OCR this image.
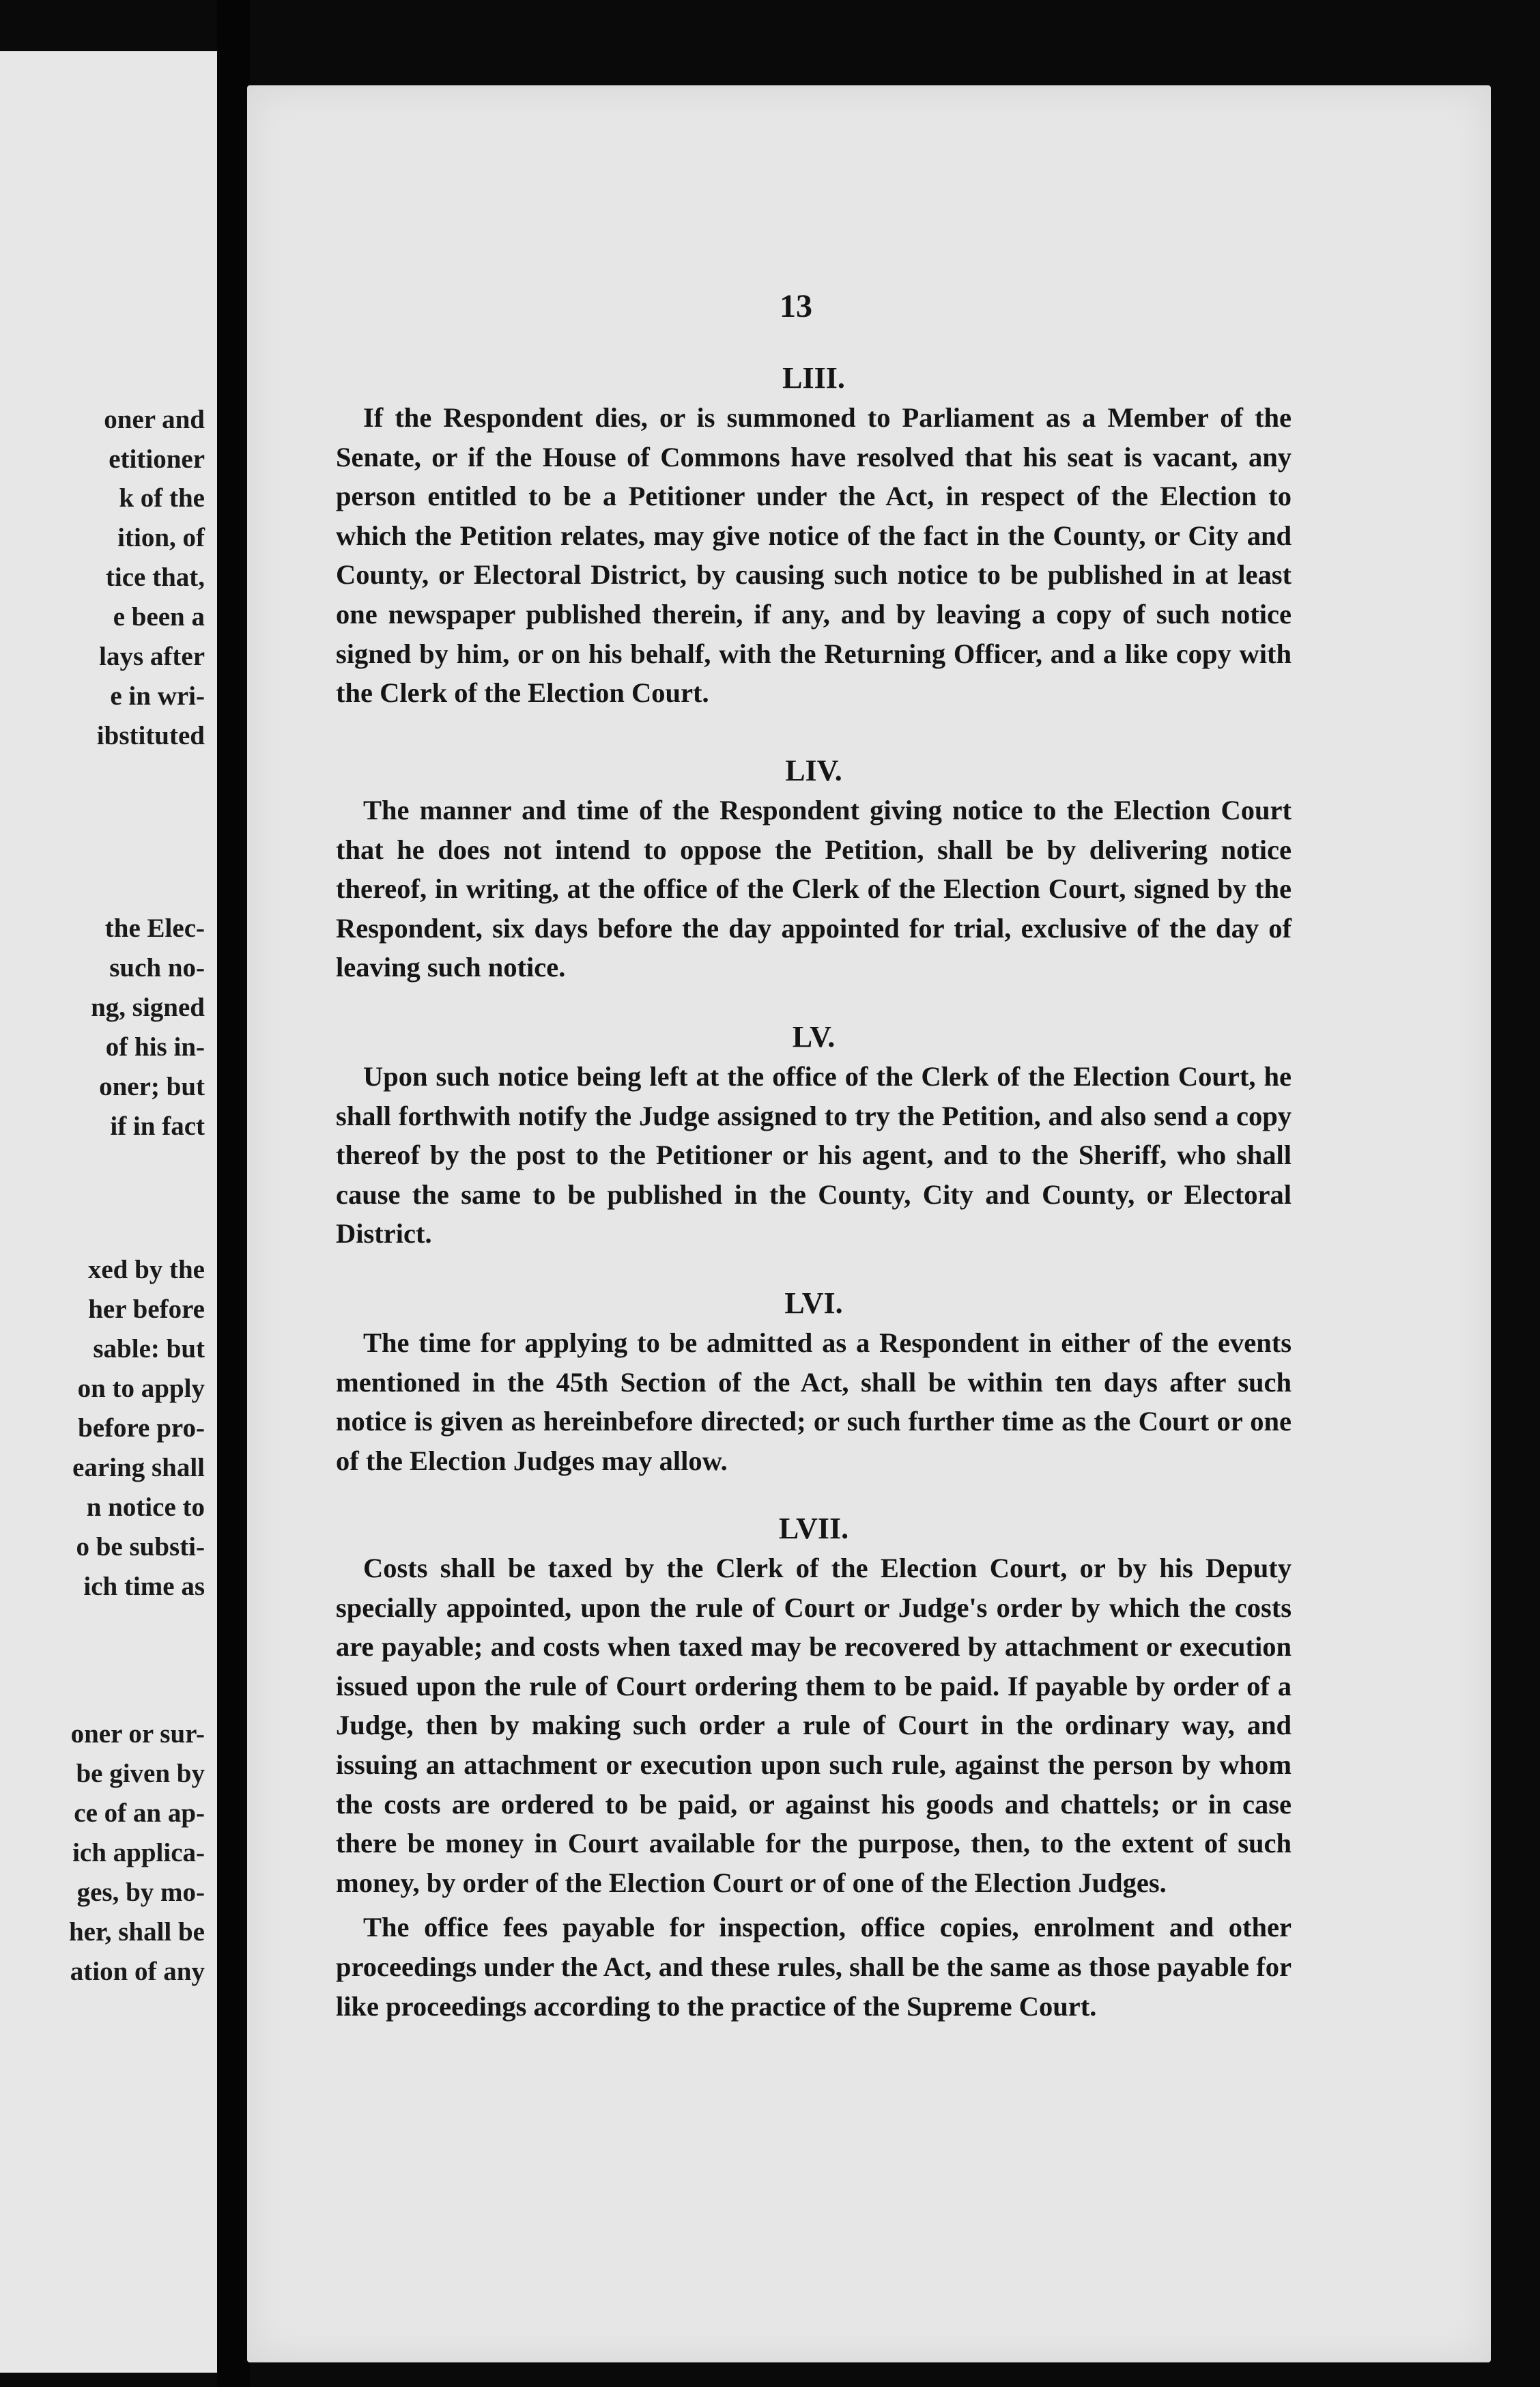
oner and
etitioner
k of the
ition, of
tice that,
e been a
lays after
e in wri-
ibstituted
the Elec-
such no-
ng, signed
of his in-
oner; but
if in fact
xed by the
her before
sable: but
on to apply
before pro-
earing shall
n notice to
o be substi-
ich time as
oner or sur-
be given by
ce of an ap-
ich applica-
ges, by mo-
her, shall be
ation of any
13
LIII.

If the Respondent dies, or is summoned to Parliament as a Member of the Senate, or if the House of Commons have resolved that his seat is vacant, any person entitled to be a Petitioner under the Act, in respect of the Election to which the Petition relates, may give notice of the fact in the County, or City and County, or Electoral District, by causing such notice to be published in at least one newspaper published therein, if any, and by leaving a copy of such notice signed by him, or on his behalf, with the Returning Officer, and a like copy with the Clerk of the Election Court.

LIV.

The manner and time of the Respondent giving notice to the Election Court that he does not intend to oppose the Petition, shall be by delivering notice thereof, in writing, at the office of the Clerk of the Election Court, signed by the Respondent, six days before the day appointed for trial, exclusive of the day of leaving such notice.

LV.

Upon such notice being left at the office of the Clerk of the Election Court, he shall forthwith notify the Judge assigned to try the Petition, and also send a copy thereof by the post to the Petitioner or his agent, and to the Sheriff, who shall cause the same to be published in the County, City and County, or Electoral District.

LVI.

The time for applying to be admitted as a Respondent in either of the events mentioned in the 45th Section of the Act, shall be within ten days after such notice is given as hereinbefore directed; or such further time as the Court or one of the Election Judges may allow.

LVII.

Costs shall be taxed by the Clerk of the Election Court, or by his Deputy specially appointed, upon the rule of Court or Judge's order by which the costs are payable; and costs when taxed may be recovered by attachment or execution issued upon the rule of Court ordering them to be paid. If payable by order of a Judge, then by making such order a rule of Court in the ordinary way, and issuing an attachment or execution upon such rule, against the person by whom the costs are ordered to be paid, or against his goods and chattels; or in case there be money in Court available for the purpose, then, to the extent of such money, by order of the Election Court or of one of the Election Judges.

The office fees payable for inspection, office copies, enrolment and other proceedings under the Act, and these rules, shall be the same as those payable for like proceedings according to the practice of the Supreme Court.
